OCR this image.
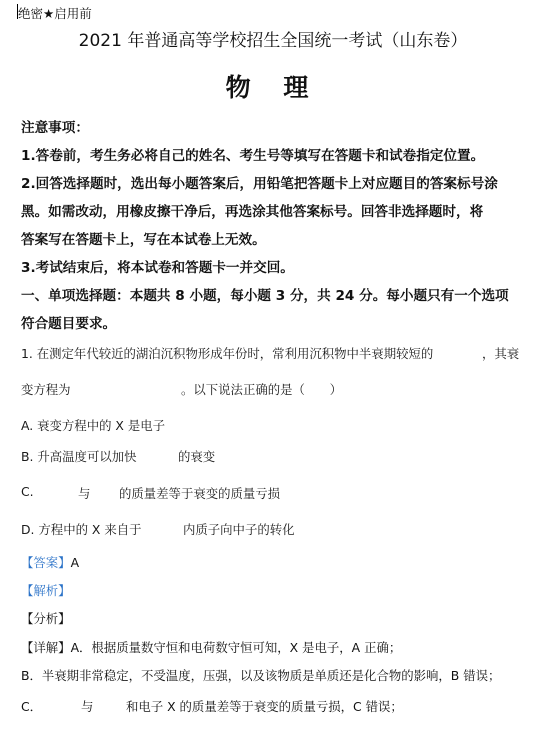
绝密★启用前
2021 年普通高等学校招生全国统一考试（山东卷）
物 理
注意事项：
1.答卷前，考生务必将自己的姓名、考生号等填写在答题卡和试卷指定位置。
2.回答选择题时，选出每小题答案后，用铅笔把答题卡上对应题目的答案标号涂
黑。如需改动，用橡皮擦干净后，再选涂其他答案标号。回答非选择题时，将
答案写在答题卡上，写在本试卷上无效。
3.考试结束后，将本试卷和答题卡一并交回。
一、单项选择题：本题共 8 小题，每小题 3 分，共 24 分。每小题只有一个选项
符合题目要求。
1. 在测定年代较近的湖泊沉积物形成年份时，常利用沉积物中半衰期较短的	，其衰
变方程为	。以下说法正确的是（　　）
A. 衰变方程中的 X 是电子
B. 升高温度可以加快	的衰变
C.	与 的质量差等于衰变的质量亏损
D. 方程中的 X 来自于	内质子向中子的转化
【答案】A
【解析】
【分析】
【详解】A．根据质量数守恒和电荷数守恒可知，X 是电子，A 正确；
B．半衰期非常稳定，不受温度，压强，以及该物质是单质还是化合物的影响，B 错误；
C．	与	和电子 X 的质量差等于衰变的质量亏损，C 错误；
